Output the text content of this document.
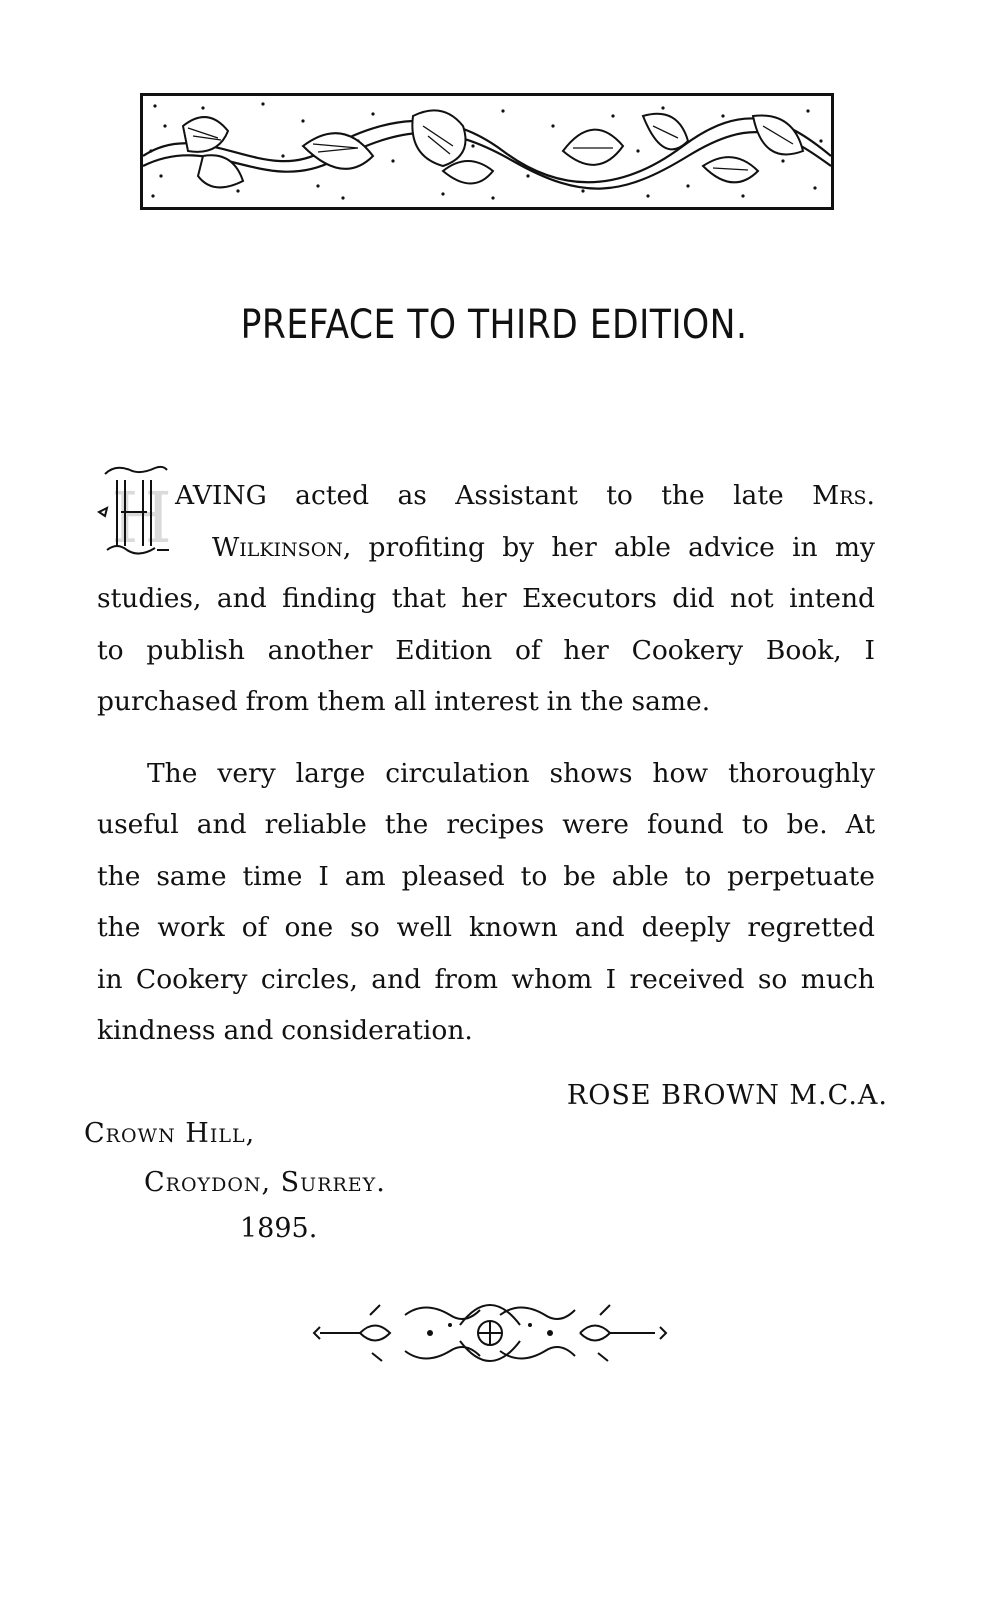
PREFACE TO THIRD EDITION.
H AVING acted as Assistant to the late Mrs.
Wilkinson, profiting by her able advice in my
studies, and finding that her Executors did not intend
to publish another Edition of her Cookery Book, I
purchased from them all interest in the same.
The very large circulation shows how thoroughly
useful and reliable the recipes were found to be. At
the same time I am pleased to be able to perpetuate
the work of one so well known and deeply regretted
in Cookery circles, and from whom I received so much
kindness and consideration.
ROSE BROWN M.C.A.
Crown Hill,
Croydon, Surrey.
1895.
